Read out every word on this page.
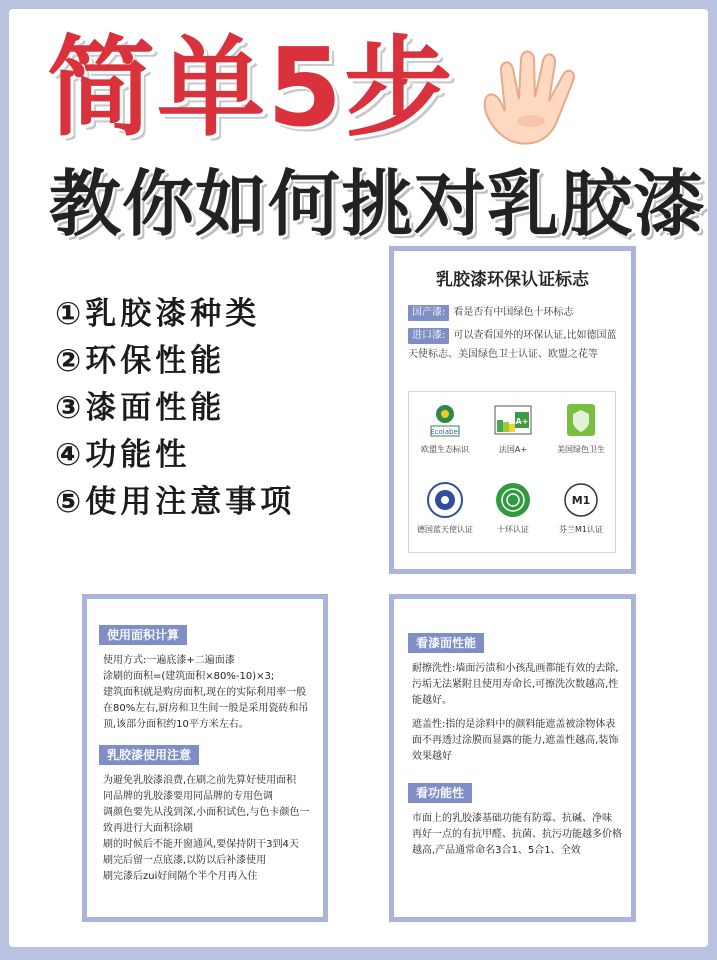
简单5步
教你如何挑对乳胶漆
①乳胶漆种类
②环保性能
③漆面性能
④功能性
⑤使用注意事项
乳胶漆环保认证标志
国产漆: 看是否有中国绿色十环标志
进口漆: 可以查看国外的环保认证,比如德国蓝天使标志、美国绿色卫士认证、欧盟之花等
Ecolabel
欧盟生态标识
A+
法国A+	美国绿色卫生
德国蓝天使认证	十环认证
M1
芬兰M1认证
使用面积计算
使用方式:一遍底漆+二遍面漆
涂刷的面积=(建筑面积×80%-10)×3;
建筑面积就是购房面积,现在的实际利用率一般在80%左右,厨房和卫生间一般是采用瓷砖和吊顶,该部分面积约10平方米左右。
乳胶漆使用注意
为避免乳胶漆浪费,在刷之前先算好使用面积
同品牌的乳胶漆要用同品牌的专用色调
调颜色要先从浅到深,小面积试色,与色卡颜色一致再进行大面积涂刷
刷的时候后不能开窗通风,要保持阴干3到4天
刷完后留一点底漆,以防以后补漆使用
刷完漆后zui好间隔个半个月再入住
看漆面性能
耐擦洗性:墙面污渍和小孩乱画都能有效的去除,污垢无法紧附且使用寿命长,可擦洗次数越高,性能越好。
遮盖性:指的是涂料中的颜料能遮盖被涂物体表面不再透过涂膜而显露的能力,遮盖性越高,装饰效果越好
看功能性
市面上的乳胶漆基础功能有防霉、抗碱、净味
再好一点的有抗甲醛、抗菌、抗污功能越多价格越高,产品通常命名3合1、5合1、全效
